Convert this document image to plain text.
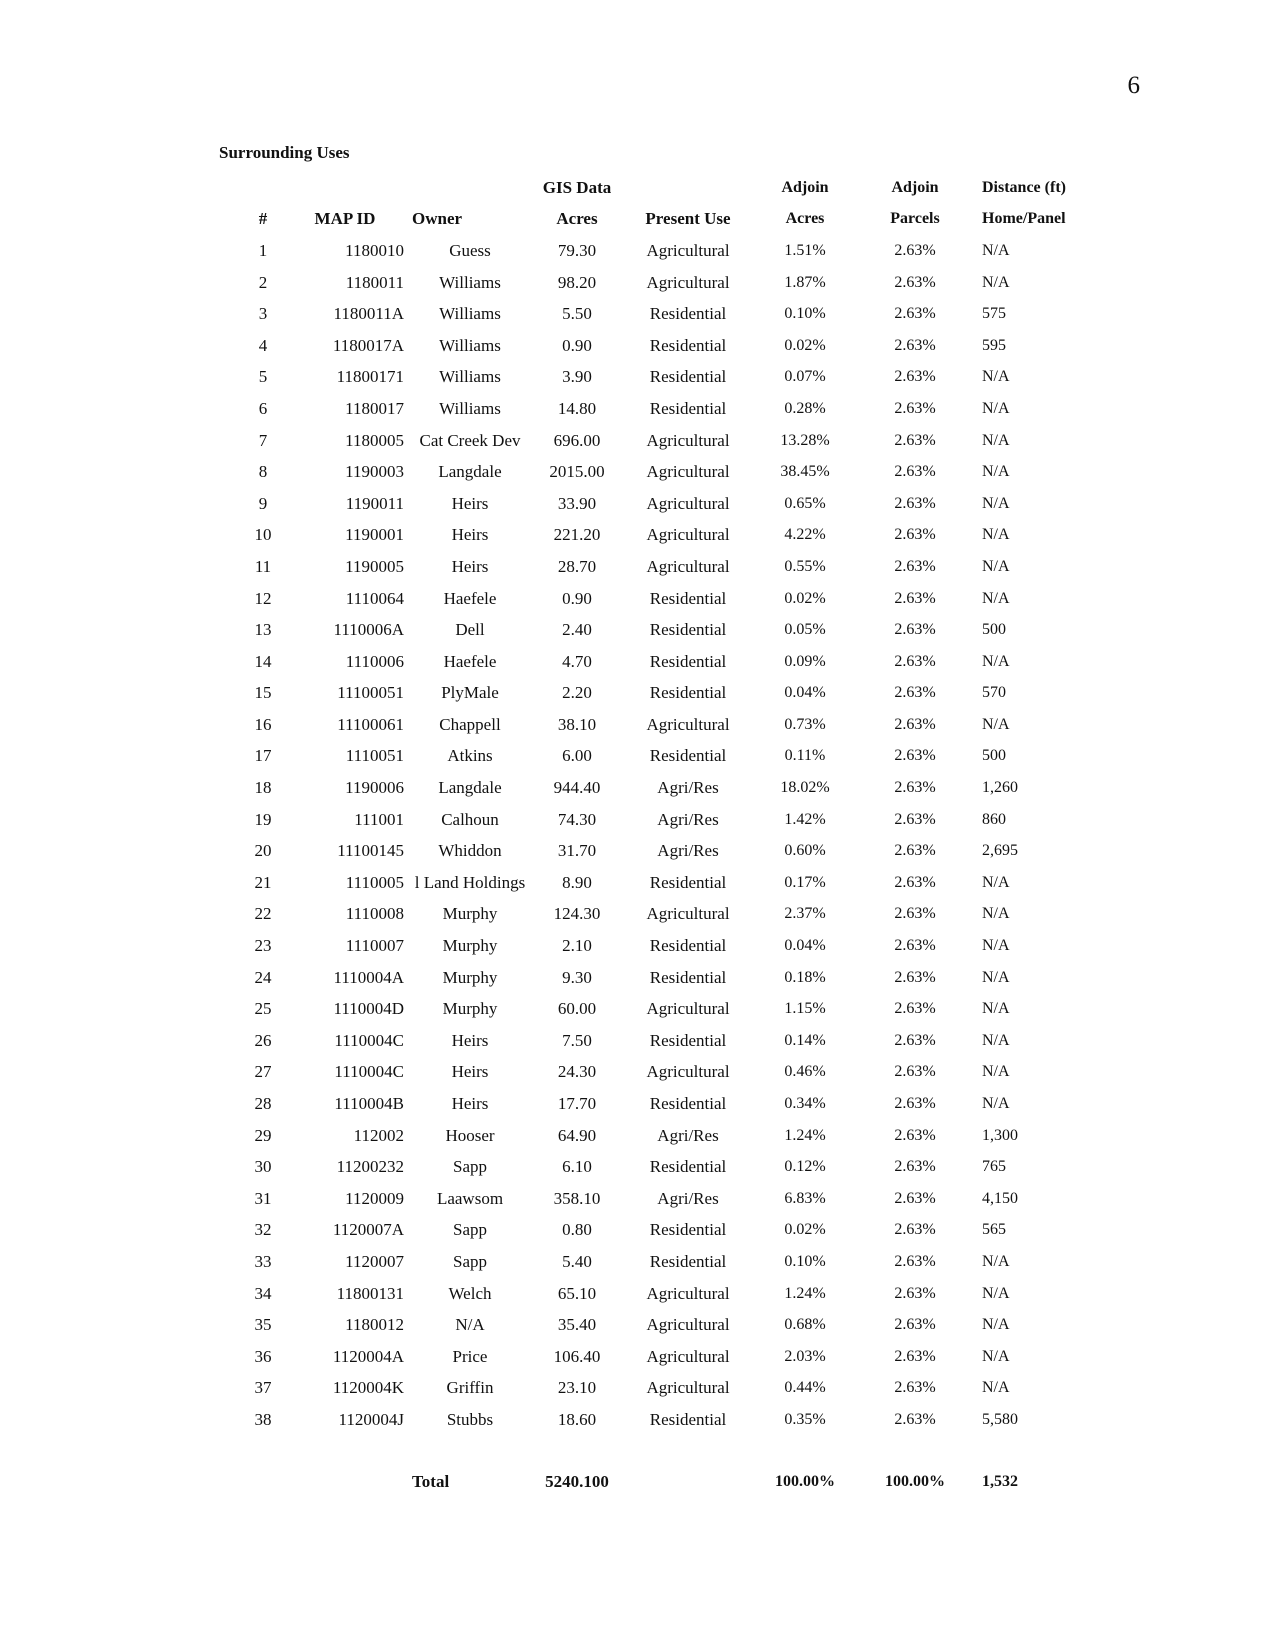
6
Surrounding Uses
			GIS Data		Adjoin	Adjoin	Distance (ft)
#	MAP ID	Owner	Acres	Present Use	Acres	Parcels	Home/Panel
1	1180010	Guess	79.30	Agricultural	1.51%	2.63%	N/A
2	1180011	Williams	98.20	Agricultural	1.87%	2.63%	N/A
3	1180011A	Williams	5.50	Residential	0.10%	2.63%	575
4	1180017A	Williams	0.90	Residential	0.02%	2.63%	595
5	11800171	Williams	3.90	Residential	0.07%	2.63%	N/A
6	1180017	Williams	14.80	Residential	0.28%	2.63%	N/A
7	1180005	Cat Creek Dev	696.00	Agricultural	13.28%	2.63%	N/A
8	1190003	Langdale	2015.00	Agricultural	38.45%	2.63%	N/A
9	1190011	Heirs	33.90	Agricultural	0.65%	2.63%	N/A
10	1190001	Heirs	221.20	Agricultural	4.22%	2.63%	N/A
11	1190005	Heirs	28.70	Agricultural	0.55%	2.63%	N/A
12	1110064	Haefele	0.90	Residential	0.02%	2.63%	N/A
13	1110006A	Dell	2.40	Residential	0.05%	2.63%	500
14	1110006	Haefele	4.70	Residential	0.09%	2.63%	N/A
15	11100051	PlyMale	2.20	Residential	0.04%	2.63%	570
16	11100061	Chappell	38.10	Agricultural	0.73%	2.63%	N/A
17	1110051	Atkins	6.00	Residential	0.11%	2.63%	500
18	1190006	Langdale	944.40	Agri/Res	18.02%	2.63%	1,260
19	111001	Calhoun	74.30	Agri/Res	1.42%	2.63%	860
20	11100145	Whiddon	31.70	Agri/Res	0.60%	2.63%	2,695
21	1110005	l Land Holdings	8.90	Residential	0.17%	2.63%	N/A
22	1110008	Murphy	124.30	Agricultural	2.37%	2.63%	N/A
23	1110007	Murphy	2.10	Residential	0.04%	2.63%	N/A
24	1110004A	Murphy	9.30	Residential	0.18%	2.63%	N/A
25	1110004D	Murphy	60.00	Agricultural	1.15%	2.63%	N/A
26	1110004C	Heirs	7.50	Residential	0.14%	2.63%	N/A
27	1110004C	Heirs	24.30	Agricultural	0.46%	2.63%	N/A
28	1110004B	Heirs	17.70	Residential	0.34%	2.63%	N/A
29	112002	Hooser	64.90	Agri/Res	1.24%	2.63%	1,300
30	11200232	Sapp	6.10	Residential	0.12%	2.63%	765
31	1120009	Laawsom	358.10	Agri/Res	6.83%	2.63%	4,150
32	1120007A	Sapp	0.80	Residential	0.02%	2.63%	565
33	1120007	Sapp	5.40	Residential	0.10%	2.63%	N/A
34	11800131	Welch	65.10	Agricultural	1.24%	2.63%	N/A
35	1180012	N/A	35.40	Agricultural	0.68%	2.63%	N/A
36	1120004A	Price	106.40	Agricultural	2.03%	2.63%	N/A
37	1120004K	Griffin	23.10	Agricultural	0.44%	2.63%	N/A
38	1120004J	Stubbs	18.60	Residential	0.35%	2.63%	5,580

		Total	5240.100		100.00%	100.00%	1,532
